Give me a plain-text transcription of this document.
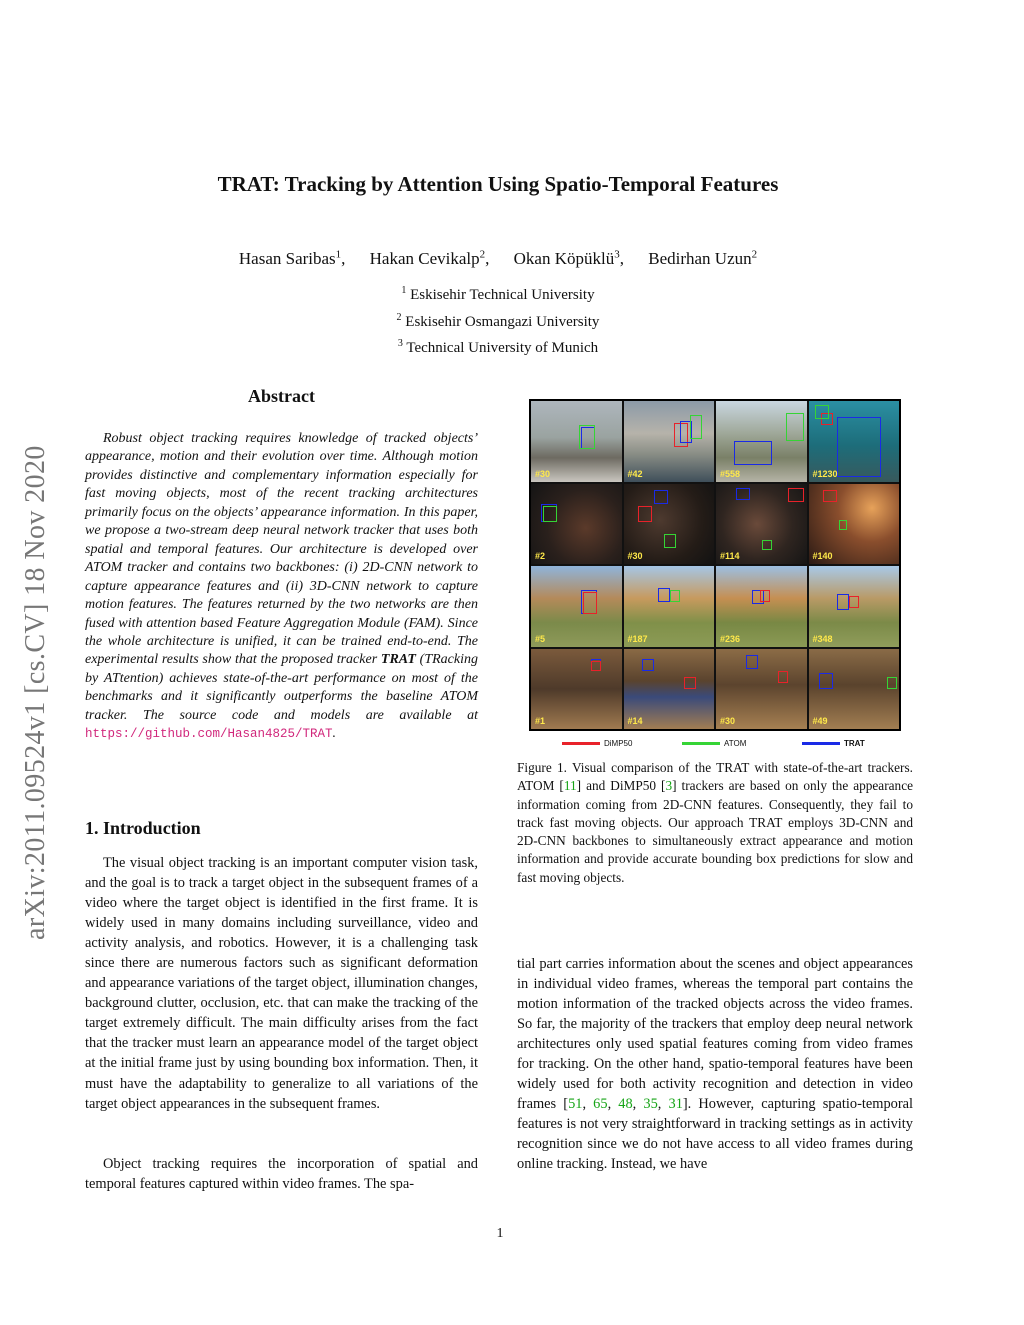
arXiv:2011.09524v1 [cs.CV] 18 Nov 2020
TRAT: Tracking by Attention Using Spatio-Temporal Features
Hasan Saribas$^1$, Hakan Cevikalp$^2$, Okan Köpüklü$^3$, Bedirhan Uzun$^2$
$^1$ Eskisehir Technical University
$^2$ Eskisehir Osmangazi University
$^3$ Technical University of Munich
Abstract

Robust object tracking requires knowledge of tracked objects’ appearance, motion and their evolution over time. Although motion provides distinctive and complementary information especially for fast moving objects, most of the recent tracking architectures primarily focus on the objects’ appearance information. In this paper, we propose a two-stream deep neural network tracker that uses both spatial and temporal features. Our architecture is developed over ATOM tracker and contains two backbones: (i) 2D-CNN network to capture appearance features and (ii) 3D-CNN network to capture motion features. The features returned by the two networks are then fused with attention based Feature Aggregation Module (FAM). Since the whole architecture is unified, it can be trained end-to-end. The experimental results show that the proposed tracker TRAT (TRacking by ATtention) achieves state-of-the-art performance on most of the benchmarks and it significantly outperforms the baseline ATOM tracker. The source code and models are available at https://github.com/Hasan4825/TRAT.

1. Introduction

The visual object tracking is an important computer vision task, and the goal is to track a target object in the subsequent frames of a video where the target object is identified in the first frame. It is widely used in many domains including surveillance, video and activity analysis, and robotics. However, it is a challenging task since there are numerous factors such as significant deformation and appearance variations of the target object, illumination changes, background clutter, occlusion, etc. that can make the tracking of the target extremely difficult. The main difficulty arises from the fact that the tracker must learn an appearance model of the target object at the initial frame just by using bounding box information. Then, it must have the adaptability to generalize to all variations of the target object appearances in the subsequent frames.

Object tracking requires the incorporation of spatial and temporal features captured within video frames. The spa-

#30	#42	#558	#1230
#2	#30	#114	#140
#5	#187	#236	#348
#1	#14	#30	#49
DiMP50	ATOM	TRAT

Figure 1. Visual comparison of the TRAT with state-of-the-art trackers. ATOM [11] and DiMP50 [3] trackers are based on only the appearance information coming from 2D-CNN features. Consequently, they fail to track fast moving objects. Our approach TRAT employs 3D-CNN and 2D-CNN backbones to simultaneously extract appearance and motion information and provide accurate bounding box predictions for slow and fast moving objects.

tial part carries information about the scenes and object appearances in individual video frames, whereas the temporal part contains the motion information of the tracked objects across the video frames. So far, the majority of the trackers that employ deep neural network architectures only used spatial features coming from video frames for tracking. On the other hand, spatio-temporal features have been widely used for both activity recognition and detection in video frames [51, 65, 48, 35, 31]. However, capturing spatio-temporal features is not very straightforward in tracking settings as in activity recognition since we do not have access to all video frames during online tracking. Instead, we have

1
